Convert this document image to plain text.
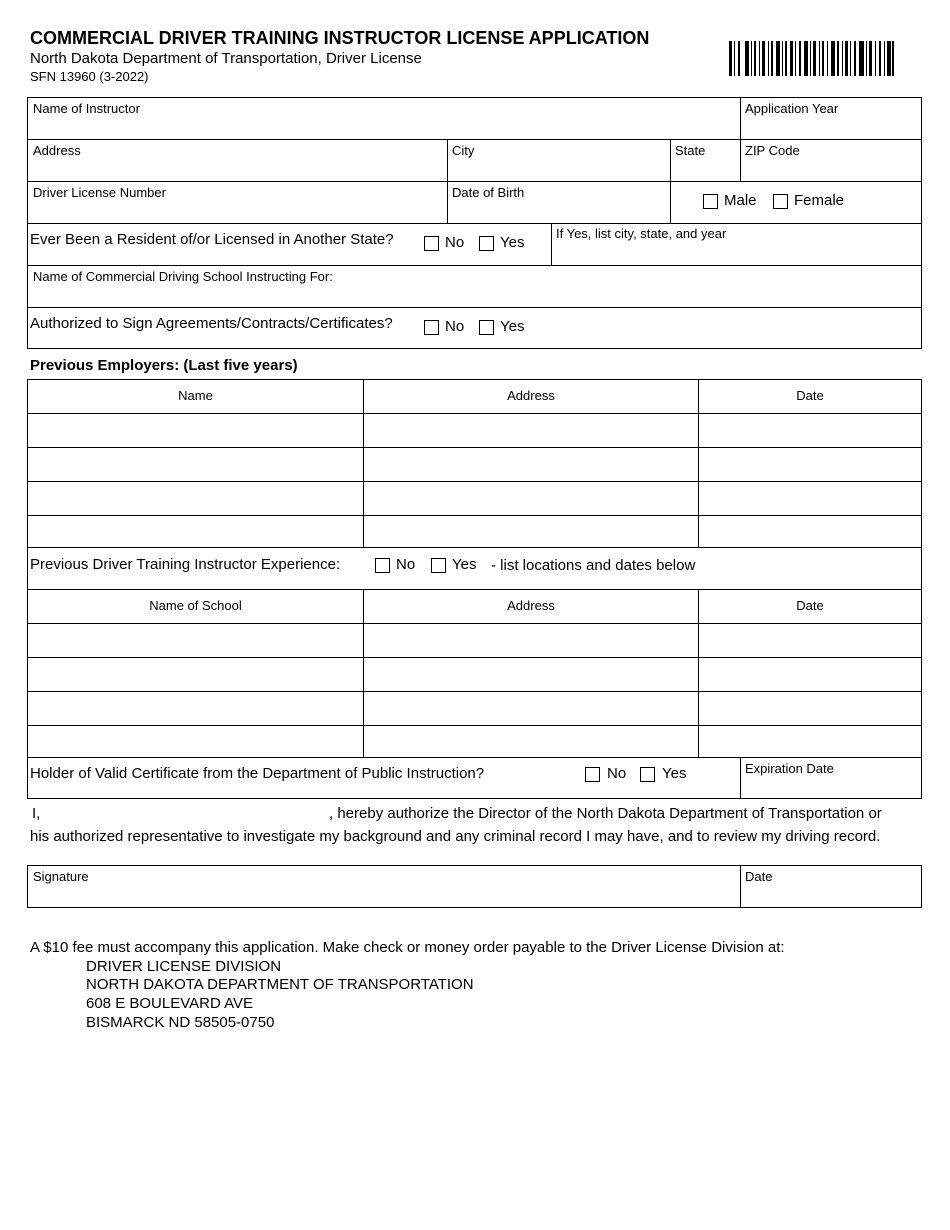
COMMERCIAL DRIVER TRAINING INSTRUCTOR LICENSE APPLICATION
North Dakota Department of Transportation, Driver License
SFN 13960 (3-2022)
Name of Instructor	Application Year
Address	City	State	ZIP Code
Driver License Number	Date of Birth	Male Female
Ever Been a Resident of/or Licensed in Another State?	No Yes
If Yes, list city, state, and year
Name of Commercial Driving School Instructing For:
Authorized to Sign Agreements/Contracts/Certificates?	No Yes
Previous Employers: (Last five years)
Name	Address	Date
Previous Driver Training Instructor Experience:	No Yes - list locations and dates below
Name of School	Address	Date
Holder of Valid Certificate from the Department of Public Instruction?	No Yes	Expiration Date
I,	, hereby authorize the Director of the North Dakota Department of Transportation or
his authorized representative to investigate my background and any criminal record I may have, and to review my driving record.
Signature	Date
A $10 fee must accompany this application. Make check or money order payable to the Driver License Division at:
DRIVER LICENSE DIVISION
NORTH DAKOTA DEPARTMENT OF TRANSPORTATION
608 E BOULEVARD AVE
BISMARCK ND 58505-0750
